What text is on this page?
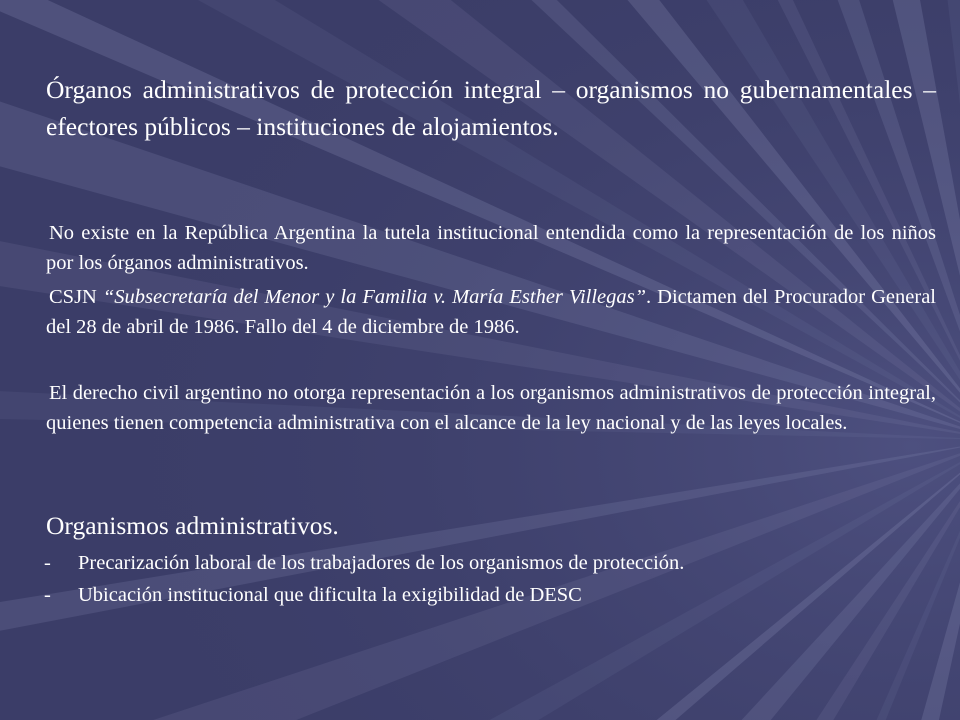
Órganos administrativos de protección integral – organismos no gubernamentales – efectores públicos – instituciones de alojamientos.
No existe en la República Argentina la tutela institucional entendida como la representación de los niños por los órganos administrativos.
CSJN “Subsecretaría del Menor y la Familia v. María Esther Villegas”. Dictamen del Procurador General del 28 de abril de 1986. Fallo del 4 de diciembre de 1986.
El derecho civil argentino no otorga representación a los organismos administrativos de protección integral, quienes tienen competencia administrativa con el alcance de la ley nacional y de las leyes locales.
Organismos administrativos.
- Precarización laboral de los trabajadores de los organismos de protección.
- Ubicación institucional que dificulta la exigibilidad de DESC
